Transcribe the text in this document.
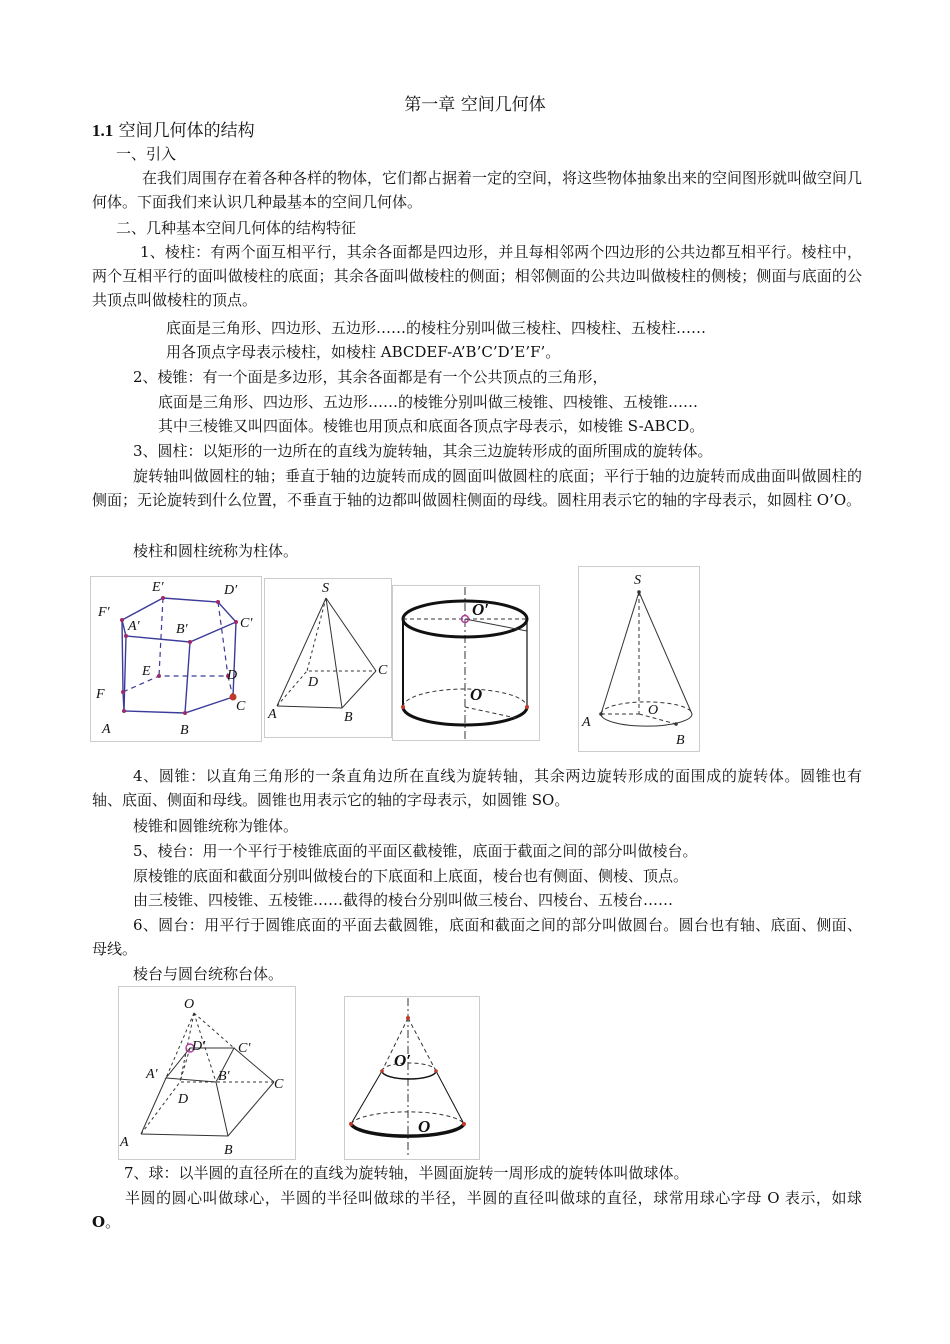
第一章 空间几何体
1.1 空间几何体的结构
一、引入
在我们周围存在着各种各样的物体，它们都占据着一定的空间，将这些物体抽象出来的空间图形就叫做空间几何体。下面我们来认识几种最基本的空间几何体。
二、几种基本空间几何体的结构特征
1、棱柱：有两个面互相平行，其余各面都是四边形，并且每相邻两个四边形的公共边都互相平行。棱柱中，两个互相平行的面叫做棱柱的底面；其余各面叫做棱柱的侧面；相邻侧面的公共边叫做棱柱的侧棱；侧面与底面的公共顶点叫做棱柱的顶点。
底面是三角形、四边形、五边形……的棱柱分别叫做三棱柱、四棱柱、五棱柱……
用各顶点字母表示棱柱，如棱柱 ABCDEF-A’B’C’D’E’F’。
2、棱锥：有一个面是多边形，其余各面都是有一个公共顶点的三角形，
底面是三角形、四边形、五边形……的棱锥分别叫做三棱锥、四棱锥、五棱锥……
其中三棱锥又叫四面体。棱锥也用顶点和底面各顶点字母表示，如棱锥 S-ABCD。
3、圆柱：以矩形的一边所在的直线为旋转轴，其余三边旋转形成的面所围成的旋转体。
旋转轴叫做圆柱的轴；垂直于轴的边旋转而成的圆面叫做圆柱的底面；平行于轴的边旋转而成曲面叫做圆柱的侧面；无论旋转到什么位置，不垂直于轴的边都叫做圆柱侧面的母线。圆柱用表示它的轴的字母表示，如圆柱 O’O。
棱柱和圆柱统称为柱体。
E′	D′
F′
C′
A′	B′
E	D
F
C
A	B
S
C
D
A	B
O′
O
S
O
A
B
4、圆锥：以直角三角形的一条直角边所在直线为旋转轴，其余两边旋转形成的面围成的旋转体。圆锥也有轴、底面、侧面和母线。圆锥也用表示它的轴的字母表示，如圆锥 SO。
棱锥和圆锥统称为锥体。
5、棱台：用一个平行于棱锥底面的平面区截棱锥，底面于截面之间的部分叫做棱台。
原棱锥的底面和截面分别叫做棱台的下底面和上底面，棱台也有侧面、侧棱、顶点。
由三棱锥、四棱锥、五棱锥……截得的棱台分别叫做三棱台、四棱台、五棱台……
6、圆台：用平行于圆锥底面的平面去截圆锥，底面和截面之间的部分叫做圆台。圆台也有轴、底面、侧面、母线。
棱台与圆台统称台体。
O
D′ C′
A′	B′
C
D
A
B
O′
O
7、球：以半圆的直径所在的直线为旋转轴，半圆面旋转一周形成的旋转体叫做球体。
半圆的圆心叫做球心，半圆的半径叫做球的半径，半圆的直径叫做球的直径，球常用球心字母 O 表示，如球 O。
